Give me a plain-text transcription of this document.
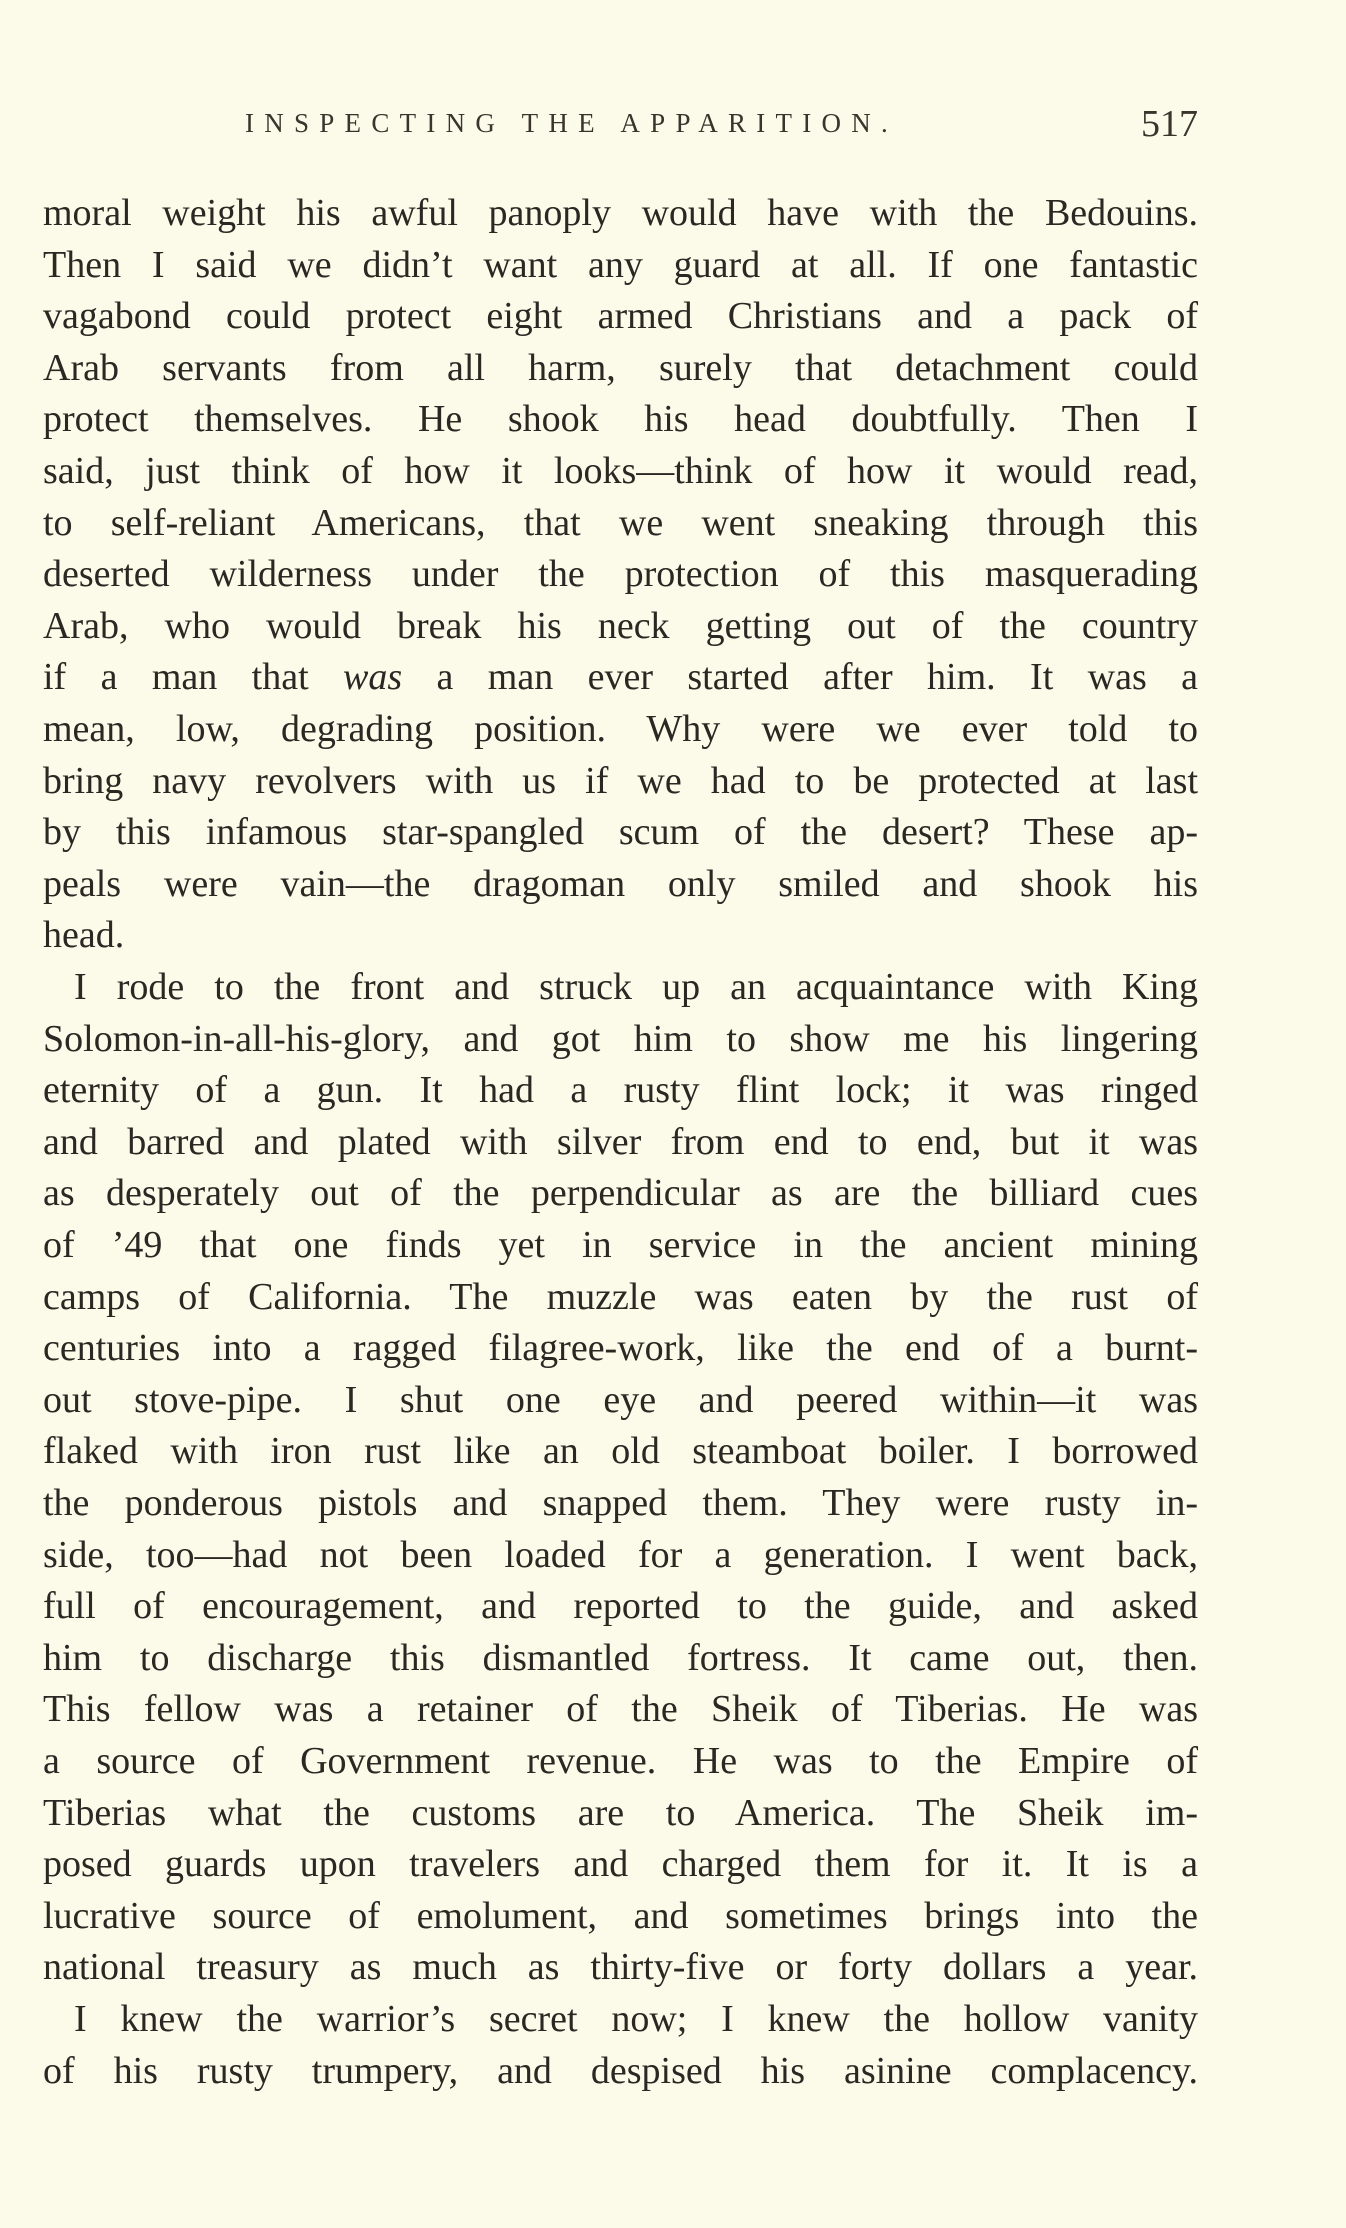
INSPECTING THE APPARITION.	517
moral weight his awful panoply would have with the Bedouins.
Then I said we didn’t want any guard at all. If one fantastic
vagabond could protect eight armed Christians and a pack of
Arab servants from all harm, surely that detachment could
protect themselves. He shook his head doubtfully. Then I
said, just think of how it looks—think of how it would read,
to self-reliant Americans, that we went sneaking through this
deserted wilderness under the protection of this masquerading
Arab, who would break his neck getting out of the country
if a man that was a man ever started after him. It was a
mean, low, degrading position. Why were we ever told to
bring navy revolvers with us if we had to be protected at last
by this infamous star-spangled scum of the desert? These ap-
peals were vain—the dragoman only smiled and shook his
head.
I rode to the front and struck up an acquaintance with King
Solomon-in-all-his-glory, and got him to show me his lingering
eternity of a gun. It had a rusty flint lock; it was ringed
and barred and plated with silver from end to end, but it was
as desperately out of the perpendicular as are the billiard cues
of ’49 that one finds yet in service in the ancient mining
camps of California. The muzzle was eaten by the rust of
centuries into a ragged filagree-work, like the end of a burnt-
out stove-pipe. I shut one eye and peered within—it was
flaked with iron rust like an old steamboat boiler. I borrowed
the ponderous pistols and snapped them. They were rusty in-
side, too—had not been loaded for a generation. I went back,
full of encouragement, and reported to the guide, and asked
him to discharge this dismantled fortress. It came out, then.
This fellow was a retainer of the Sheik of Tiberias. He was
a source of Government revenue. He was to the Empire of
Tiberias what the customs are to America. The Sheik im-
posed guards upon travelers and charged them for it. It is a
lucrative source of emolument, and sometimes brings into the
national treasury as much as thirty-five or forty dollars a year.
I knew the warrior’s secret now; I knew the hollow vanity
of his rusty trumpery, and despised his asinine complacency.
